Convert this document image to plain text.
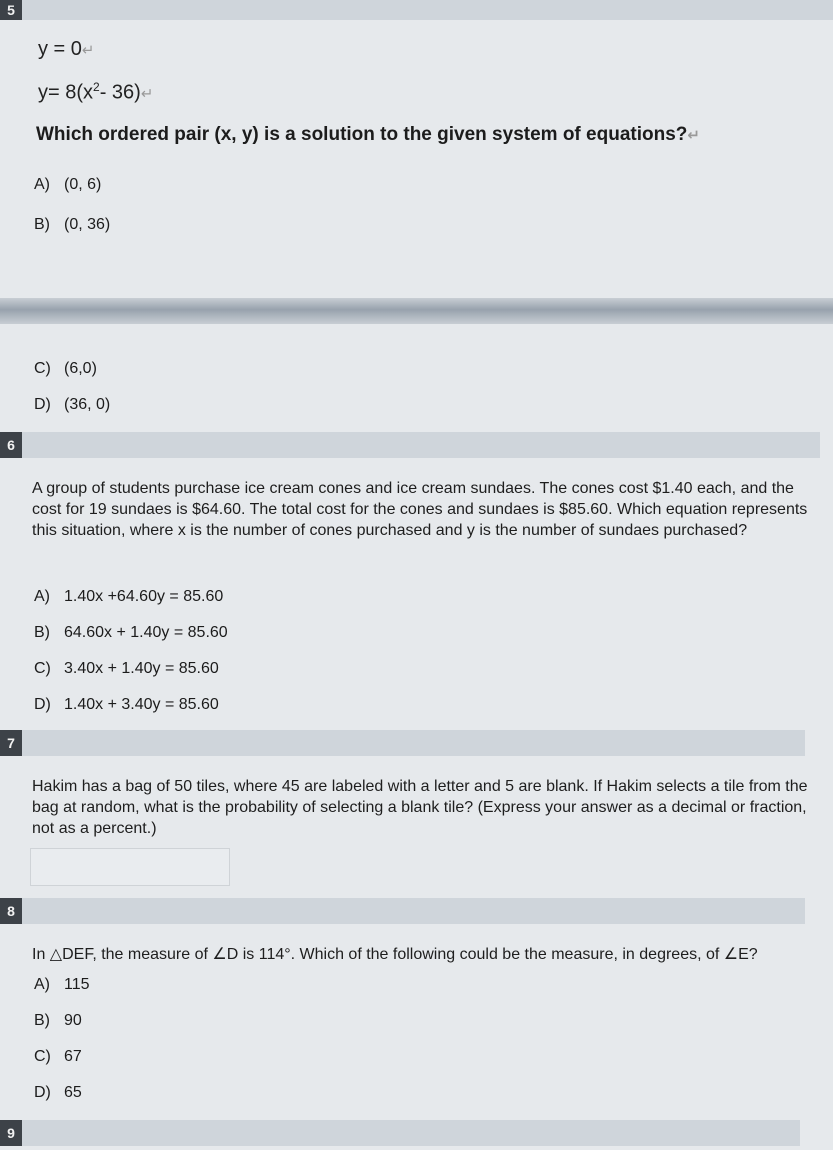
5
y = 0↵
$y= 8(x^2-$ 36)↵
Which ordered pair (x, y) is a solution to the given system of equations?↵
A) (0, 6)
B) (0, 36)
C) (6,0)
D) (36, 0)
6
A group of students purchase ice cream cones and ice cream sundaes. The cones cost $1.40 each, and the cost for 19 sundaes is $64.60. The total cost for the cones and sundaes is $85.60. Which equation represents this situation, where x is the number of cones purchased and y is the number of sundaes purchased?
A) 1.40x +64.60y = 85.60
B) 64.60x + 1.40y = 85.60
C) 3.40x + 1.40y = 85.60
D) 1.40x + 3.40y = 85.60
7
Hakim has a bag of 50 tiles, where 45 are labeled with a letter and 5 are blank. If Hakim selects a tile from the bag at random, what is the probability of selecting a blank tile? (Express your answer as a decimal or fraction, not as a percent.)
8
In △DEF, the measure of ∠D is 114°. Which of the following could be the measure, in degrees, of ∠E?
A) 115
B) 90
C) 67
D) 65
9
